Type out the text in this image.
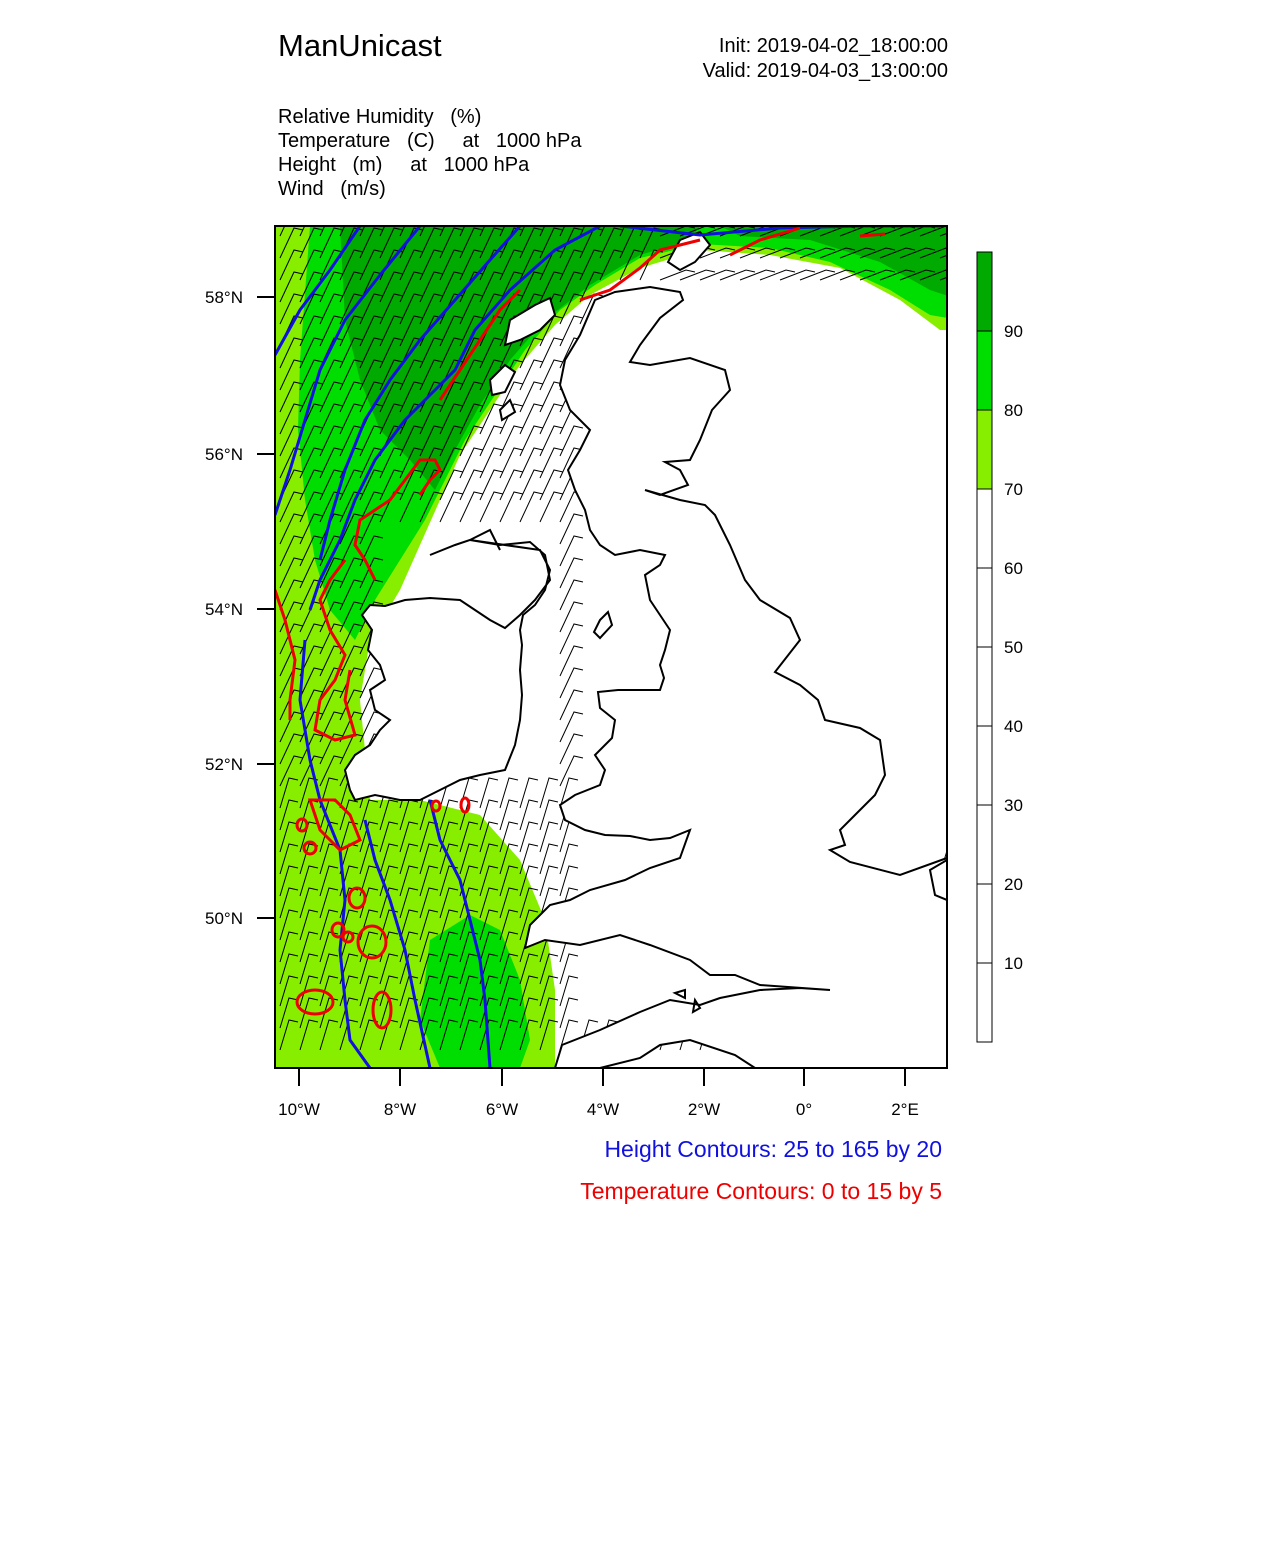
ManUnicast	Init: 2019-04-02_18:00:00
Valid: 2019-04-03_13:00:00
Relative Humidity   (%)
Temperature   (C)     at   1000 hPa
Height   (m)     at   1000 hPa
Wind   (m/s)
58°N
56°N
54°N
52°N
50°N
10°W	8°W	6°W	4°W	2°W	0°	2°E
90
80
70
60
50
40
30
20
10
Height Contours: 25 to 165 by 20
Temperature Contours: 0 to 15 by 5
